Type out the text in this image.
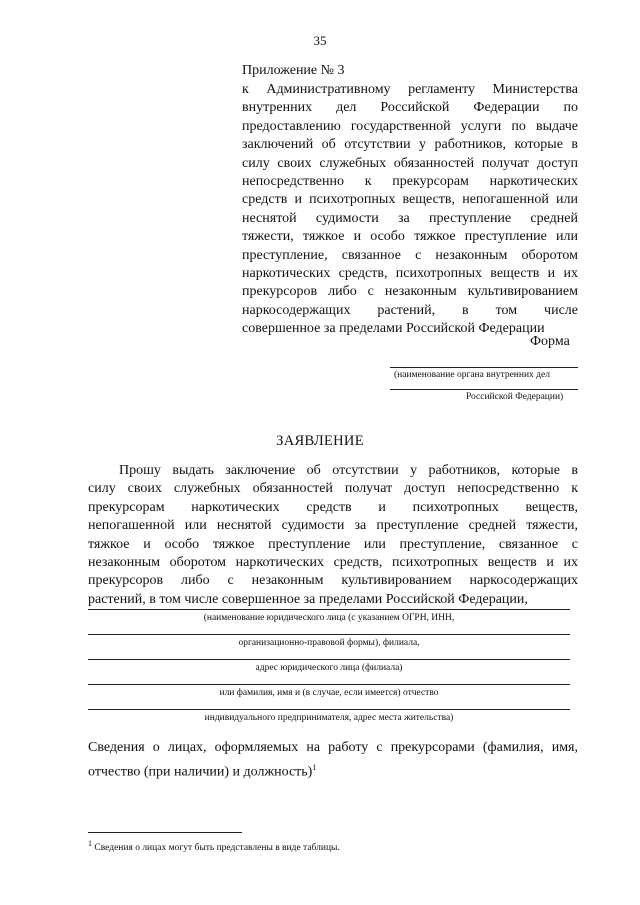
35
Приложение № 3
к Административному регламенту Министерства
внутренних дел Российской Федерации по
предоставлению государственной услуги по выдаче
заключений об отсутствии у работников, которые в
силу своих служебных обязанностей получат доступ
непосредственно к прекурсорам наркотических
средств и психотропных веществ, непогашенной или
неснятой судимости за преступление средней
тяжести, тяжкое и особо тяжкое преступление или
преступление, связанное с незаконным оборотом
наркотических средств, психотропных веществ и их
прекурсоров либо с незаконным культивированием
наркосодержащих растений, в том числе
совершенное за пределами Российской Федерации
Форма
(наименование органа внутренних дел
Российской Федерации)
ЗАЯВЛЕНИЕ
Прошу выдать заключение об отсутствии у работников, которые в
силу своих служебных обязанностей получат доступ непосредственно к
прекурсорам наркотических средств и психотропных веществ,
непогашенной или неснятой судимости за преступление средней тяжести,
тяжкое и особо тяжкое преступление или преступление, связанное с
незаконным оборотом наркотических средств, психотропных веществ и их
прекурсоров либо с незаконным культивированием наркосодержащих
растений, в том числе совершенное за пределами Российской Федерации,
(наименование юридического лица (с указанием ОГРН, ИНН,
организационно-правовой формы), филиала,
адрес юридического лица (филиала)
или фамилия, имя и (в случае, если имеется) отчество
индивидуального предпринимателя, адрес места жительства)
Сведения о лицах, оформляемых на работу с прекурсорами (фамилия, имя,
отчество (при наличии) и должность)$^1$
$^1$ Сведения о лицах могут быть представлены в виде таблицы.
